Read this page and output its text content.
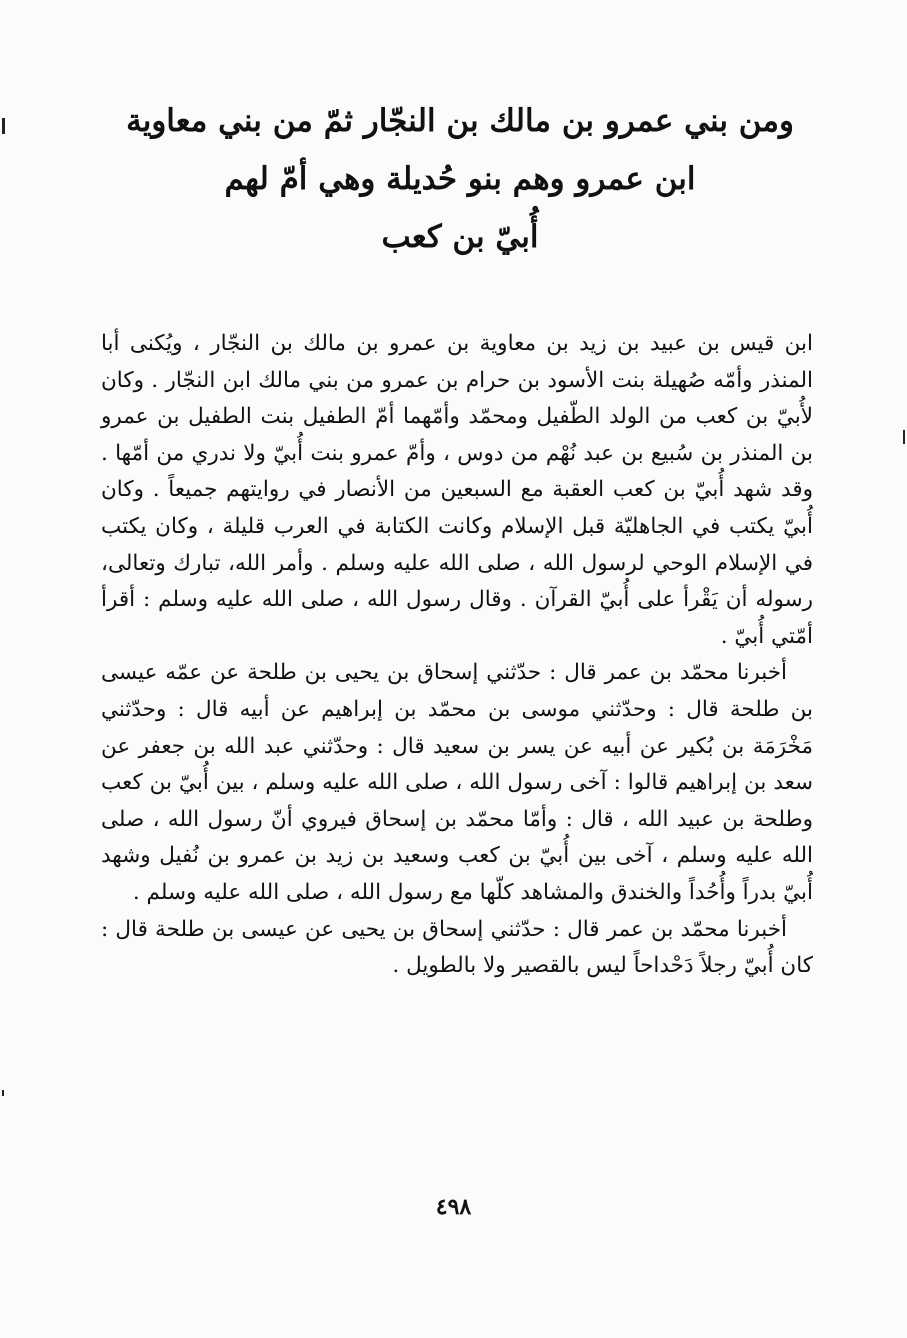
ومن بني عمرو بن مالك بن النجّار ثمّ من بني معاوية

ابن عمرو وهم بنو حُديلة وهي أمّ لهم

أُبيّ بن كعب

ابن قيس بن عبيد بن زيد بن معاوية بن عمرو بن مالك بن النجّار ، ويُكنى أبا المنذر وأمّه صُهيلة بنت الأسود بن حرام بن عمرو من بني مالك ابن النجّار . وكان لأُبيّ بن كعب من الولد الطّفيل ومحمّد وأمّهما أمّ الطفيل بنت الطفيل بن عمرو بن المنذر بن سُبيع بن عبد نُهْم من دوس ، وأمّ عمرو بنت أُبيّ ولا ندري من أمّها . وقد شهد أُبيّ بن كعب العقبة مع السبعين من الأنصار في روايتهم جميعاً . وكان أُبيّ يكتب في الجاهليّة قبل الإسلام وكانت الكتابة في العرب قليلة ، وكان يكتب في الإسلام الوحي لرسول الله ، صلى الله عليه وسلم . وأمر الله، تبارك وتعالى، رسوله أن يَقْرأ على أُبيّ القرآن . وقال رسول الله ، صلى الله عليه وسلم : أقرأ أمّتي أُبيّ .

أخبرنا محمّد بن عمر قال : حدّثني إسحاق بن يحيى بن طلحة عن عمّه عيسى بن طلحة قال : وحدّثني موسى بن محمّد بن إبراهيم عن أبيه قال : وحدّثني مَخْرَمَة بن بُكير عن أبيه عن يسر بن سعيد قال : وحدّثني عبد الله بن جعفر عن سعد بن إبراهيم قالوا : آخى رسول الله ، صلى الله عليه وسلم ، بين أُبيّ بن كعب وطلحة بن عبيد الله ، قال : وأمّا محمّد بن إسحاق فيروي أنّ رسول الله ، صلى الله عليه وسلم ، آخى بين أُبيّ بن كعب وسعيد بن زيد بن عمرو بن نُفيل وشهد أُبيّ بدراً وأُحُداً والخندق والمشاهد كلّها مع رسول الله ، صلى الله عليه وسلم .

أخبرنا محمّد بن عمر قال : حدّثني إسحاق بن يحيى عن عيسى بن طلحة قال : كان أُبيّ رجلاً دَحْداحاً ليس بالقصير ولا بالطويل .

٤٩٨
